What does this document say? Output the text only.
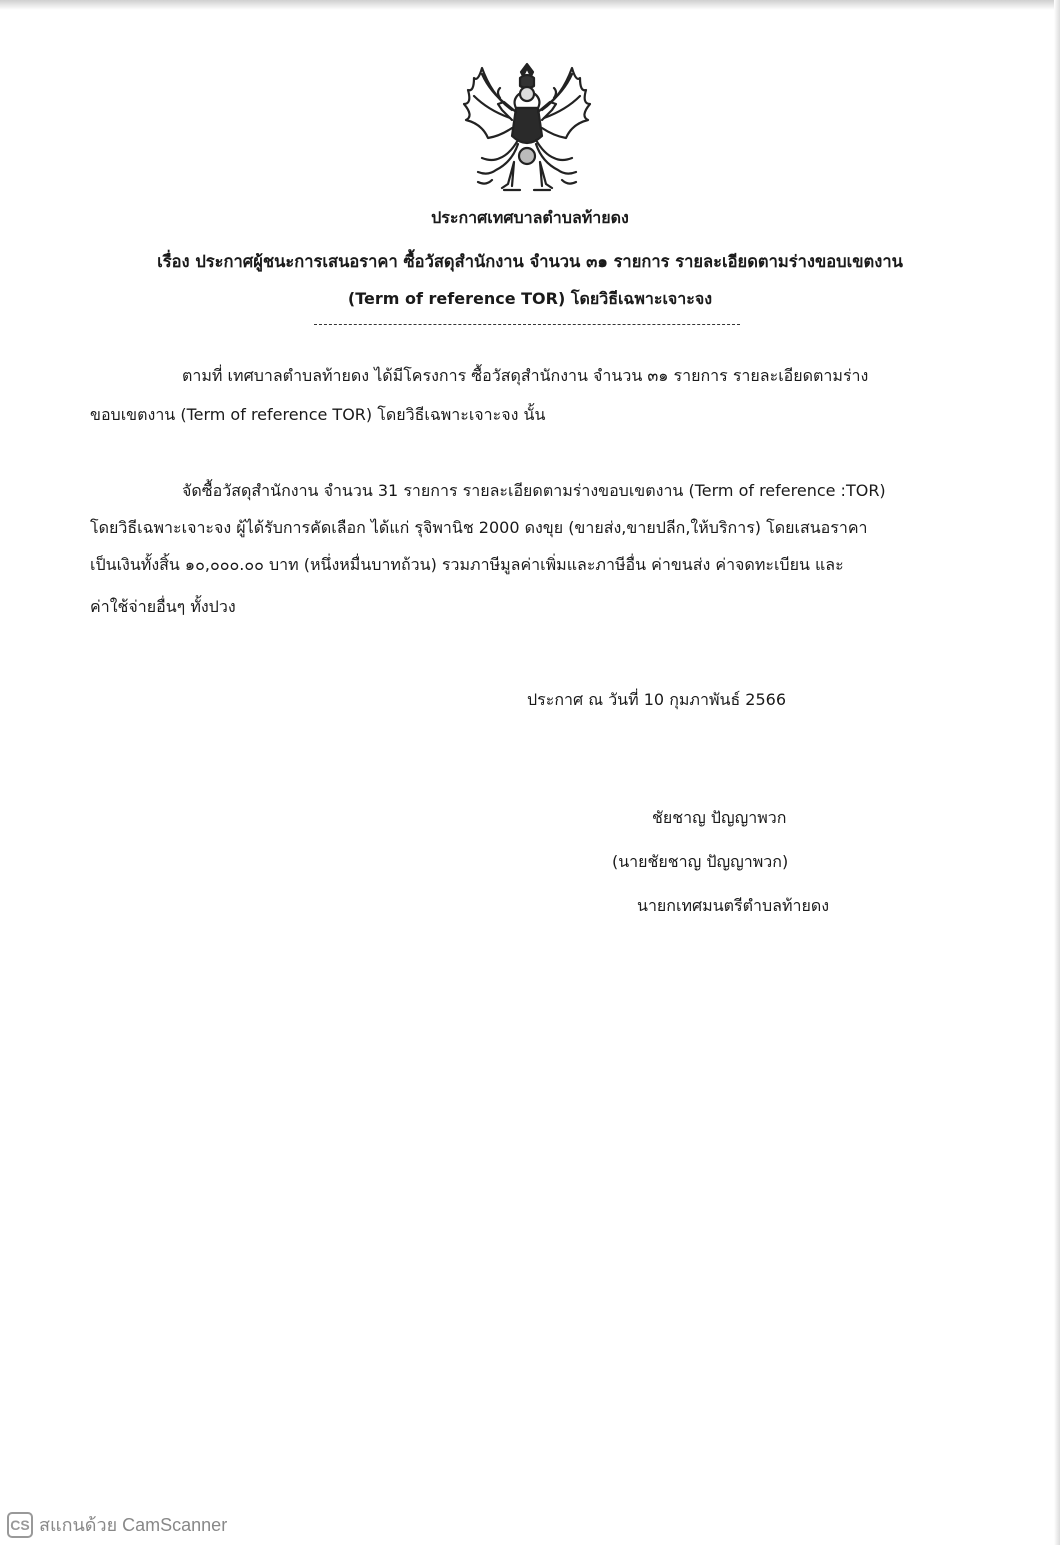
ประกาศเทศบาลตำบลท้ายดง
เรื่อง ประกาศผู้ชนะการเสนอราคา ซื้อวัสดุสำนักงาน จำนวน ๓๑ รายการ รายละเอียดตามร่างขอบเขตงาน
(Term of reference TOR) โดยวิธีเฉพาะเจาะจง
ตามที่ เทศบาลตำบลท้ายดง ได้มีโครงการ ซื้อวัสดุสำนักงาน จำนวน ๓๑ รายการ รายละเอียดตามร่าง
ขอบเขตงาน (Term of reference TOR) โดยวิธีเฉพาะเจาะจง นั้น
จัดซื้อวัสดุสำนักงาน จำนวน 31 รายการ รายละเอียดตามร่างขอบเขตงาน (Term of reference :TOR)
โดยวิธีเฉพาะเจาะจง ผู้ได้รับการคัดเลือก ได้แก่ รุจิพานิช 2000 ดงขุย (ขายส่ง,ขายปลีก,ให้บริการ) โดยเสนอราคา
เป็นเงินทั้งสิ้น ๑๐,๐๐๐.๐๐ บาท (หนึ่งหมื่นบาทถ้วน) รวมภาษีมูลค่าเพิ่มและภาษีอื่น ค่าขนส่ง ค่าจดทะเบียน และ
ค่าใช้จ่ายอื่นๆ ทั้งปวง
ประกาศ ณ วันที่ 10 กุมภาพันธ์ 2566
ชัยชาญ ปัญญาพวก
(นายชัยชาญ ปัญญาพวก)
นายกเทศมนตรีตำบลท้ายดง
CS สแกนด้วย CamScanner
